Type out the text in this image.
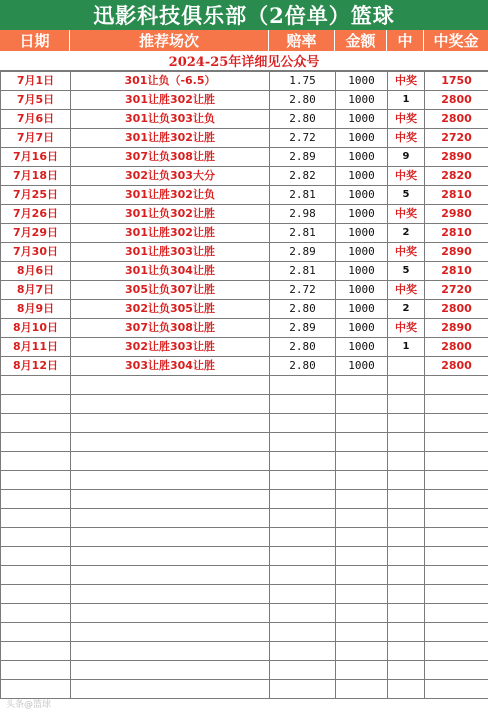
迅影科技俱乐部（2倍单）篮球
日期	推荐场次	赔率	金额	中	中奖金
2024-25年详细见公众号
7月1日	301让负（-6.5）	1.75	1000	中奖	1750
7月5日	301让胜302让胜	2.80	1000	1	2800
7月6日	301让负303让负	2.80	1000	中奖	2800
7月7日	301让胜302让胜	2.72	1000	中奖	2720
7月16日	307让负308让胜	2.89	1000	9	2890
7月18日	302让负303大分	2.82	1000	中奖	2820
7月25日	301让胜302让负	2.81	1000	5	2810
7月26日	301让负302让胜	2.98	1000	中奖	2980
7月29日	301让胜302让胜	2.81	1000	2	2810
7月30日	301让胜303让胜	2.89	1000	中奖	2890
8月6日	301让负304让胜	2.81	1000	5	2810
8月7日	305让负307让胜	2.72	1000	中奖	2720
8月9日	302让负305让胜	2.80	1000	2	2800
8月10日	307让负308让胜	2.89	1000	中奖	2890
8月11日	302让胜303让胜	2.80	1000	1	2800
8月12日	303让胜304让胜	2.80	1000		2800

头条@篮球
